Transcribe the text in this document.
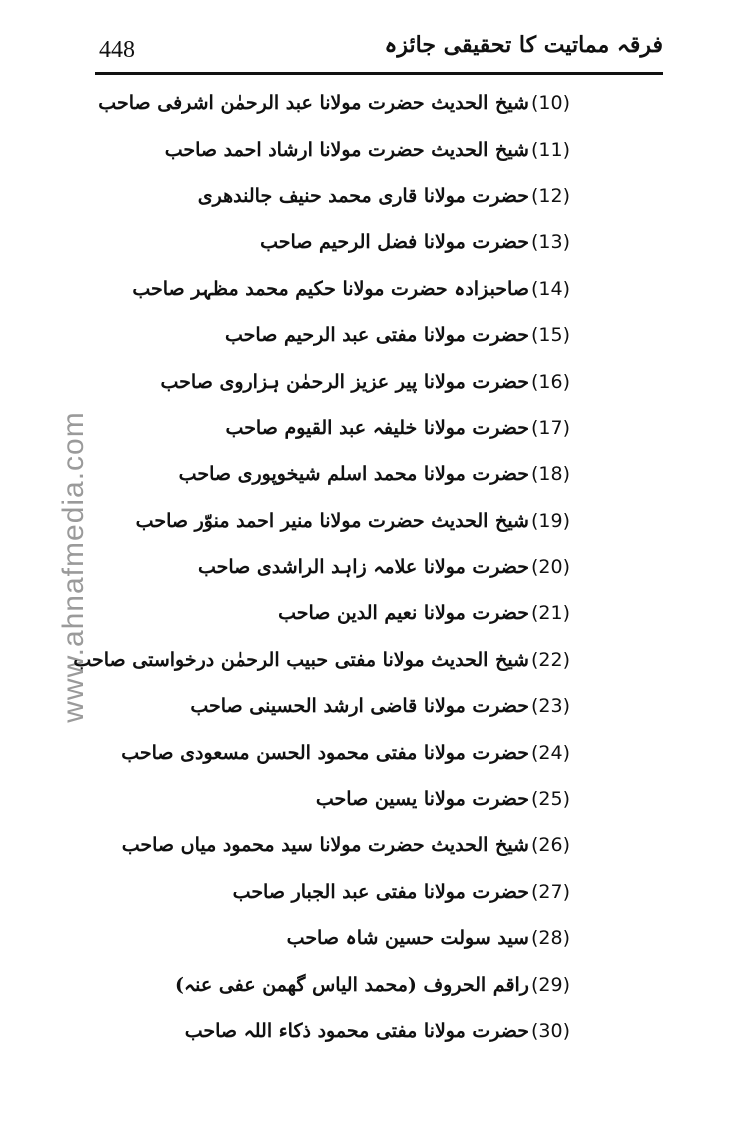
448	فرقہ مماتیت کا تحقیقی جائزہ
www.ahnafmedia.com
(10)
شیخ الحدیث حضرت مولانا عبد الرحمٰن اشرفی صاحب
(11)
شیخ الحدیث حضرت مولانا ارشاد احمد صاحب
(12)
حضرت مولانا قاری محمد حنیف جالندھری
(13)
حضرت مولانا فضل الرحیم صاحب
(14)
صاحبزادہ حضرت مولانا حکیم محمد مظہر صاحب
(15)
حضرت مولانا مفتی عبد الرحیم صاحب
(16)
حضرت مولانا پیر عزیز الرحمٰن ہزاروی صاحب
(17)
حضرت مولانا خلیفہ عبد القیوم صاحب
(18)
حضرت مولانا محمد اسلم شیخوپوری صاحب
(19)
شیخ الحدیث حضرت مولانا منیر احمد منوّر صاحب
(20)
حضرت مولانا علامہ زاہد الراشدی صاحب
(21)
حضرت مولانا نعیم الدین صاحب
(22)
شیخ الحدیث مولانا مفتی حبیب الرحمٰن درخواستی صاحب
(23)
حضرت مولانا قاضی ارشد الحسینی صاحب
(24)
حضرت مولانا مفتی محمود الحسن مسعودی صاحب
(25)
حضرت مولانا یسین صاحب
(26)
شیخ الحدیث حضرت مولانا سید محمود میاں صاحب
(27)
حضرت مولانا مفتی عبد الجبار صاحب
(28)
سید سولت حسین شاہ صاحب
(29)
راقم الحروف (محمد الیاس گھمن عفی عنہ)
(30)
حضرت مولانا مفتی محمود ذکاء اللہ صاحب
